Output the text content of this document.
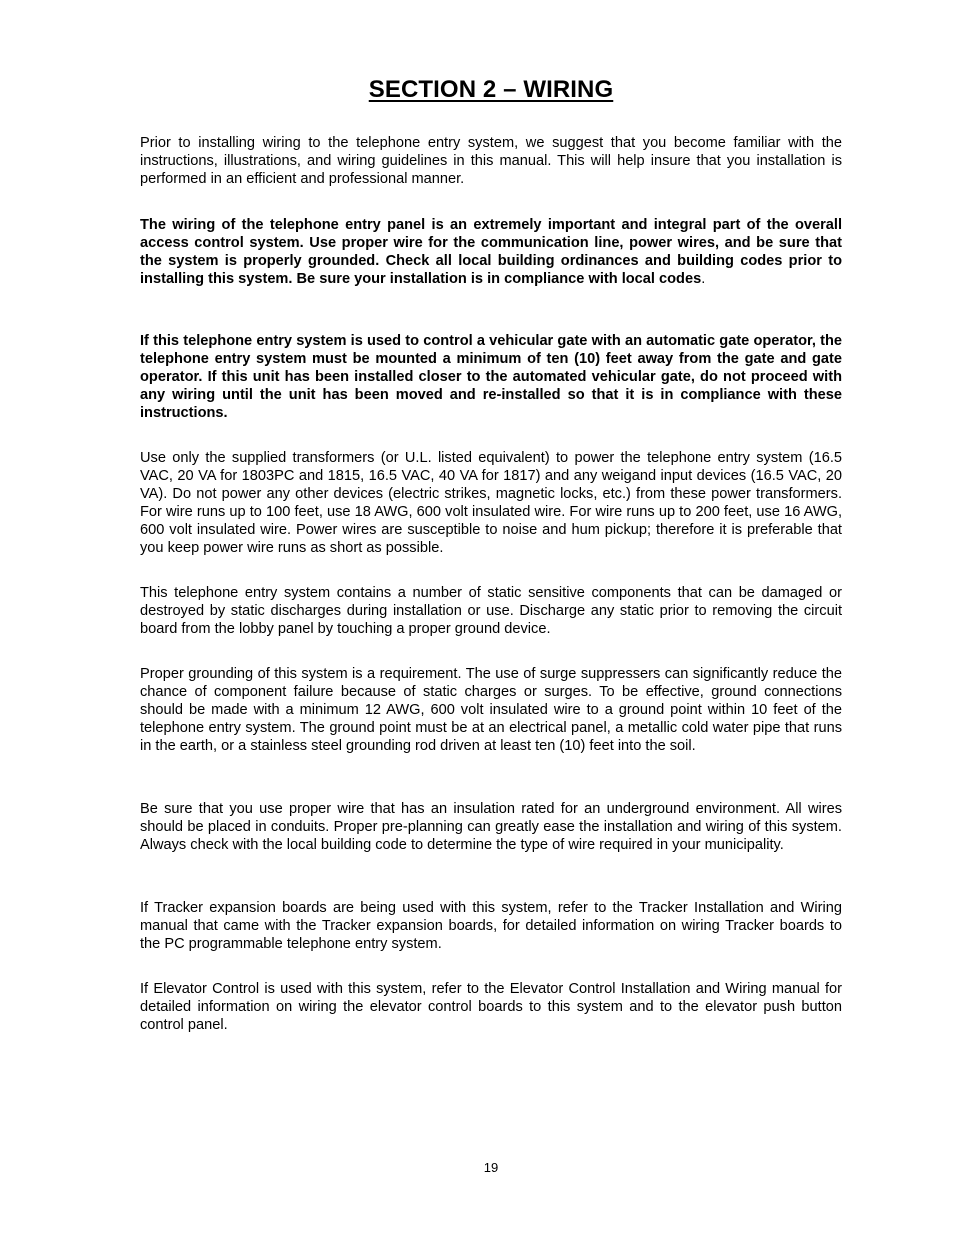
SECTION 2 – WIRING

Prior to installing wiring to the telephone entry system, we suggest that you become familiar with the instructions, illustrations, and wiring guidelines in this manual. This will help insure that you installation is performed in an efficient and professional manner.

The wiring of the telephone entry panel is an extremely important and integral part of the overall access control system. Use proper wire for the communication line, power wires, and be sure that the system is properly grounded. Check all local building ordinances and building codes prior to installing this system. Be sure your installation is in compliance with local codes.

If this telephone entry system is used to control a vehicular gate with an automatic gate operator, the telephone entry system must be mounted a minimum of ten (10) feet away from the gate and gate operator. If this unit has been installed closer to the automated vehicular gate, do not proceed with any wiring until the unit has been moved and re-installed so that it is in compliance with these instructions.

Use only the supplied transformers (or U.L. listed equivalent) to power the telephone entry system (16.5 VAC, 20 VA for 1803PC and 1815, 16.5 VAC, 40 VA for 1817) and any weigand input devices (16.5 VAC, 20 VA). Do not power any other devices (electric strikes, magnetic locks, etc.) from these power transformers. For wire runs up to 100 feet, use 18 AWG, 600 volt insulated wire. For wire runs up to 200 feet, use 16 AWG, 600 volt insulated wire. Power wires are susceptible to noise and hum pickup; therefore it is preferable that you keep power wire runs as short as possible.

This telephone entry system contains a number of static sensitive components that can be damaged or destroyed by static discharges during installation or use. Discharge any static prior to removing the circuit board from the lobby panel by touching a proper ground device.

Proper grounding of this system is a requirement. The use of surge suppressers can significantly reduce the chance of component failure because of static charges or surges. To be effective, ground connections should be made with a minimum 12 AWG, 600 volt insulated wire to a ground point within 10 feet of the telephone entry system. The ground point must be at an electrical panel, a metallic cold water pipe that runs in the earth, or a stainless steel grounding rod driven at least ten (10) feet into the soil.

Be sure that you use proper wire that has an insulation rated for an underground environment. All wires should be placed in conduits. Proper pre-planning can greatly ease the installation and wiring of this system. Always check with the local building code to determine the type of wire required in your municipality.

If Tracker expansion boards are being used with this system, refer to the Tracker Installation and Wiring manual that came with the Tracker expansion boards, for detailed information on wiring Tracker boards to the PC programmable telephone entry system.

If Elevator Control is used with this system, refer to the Elevator Control Installation and Wiring manual for detailed information on wiring the elevator control boards to this system and to the elevator push button control panel.

19
